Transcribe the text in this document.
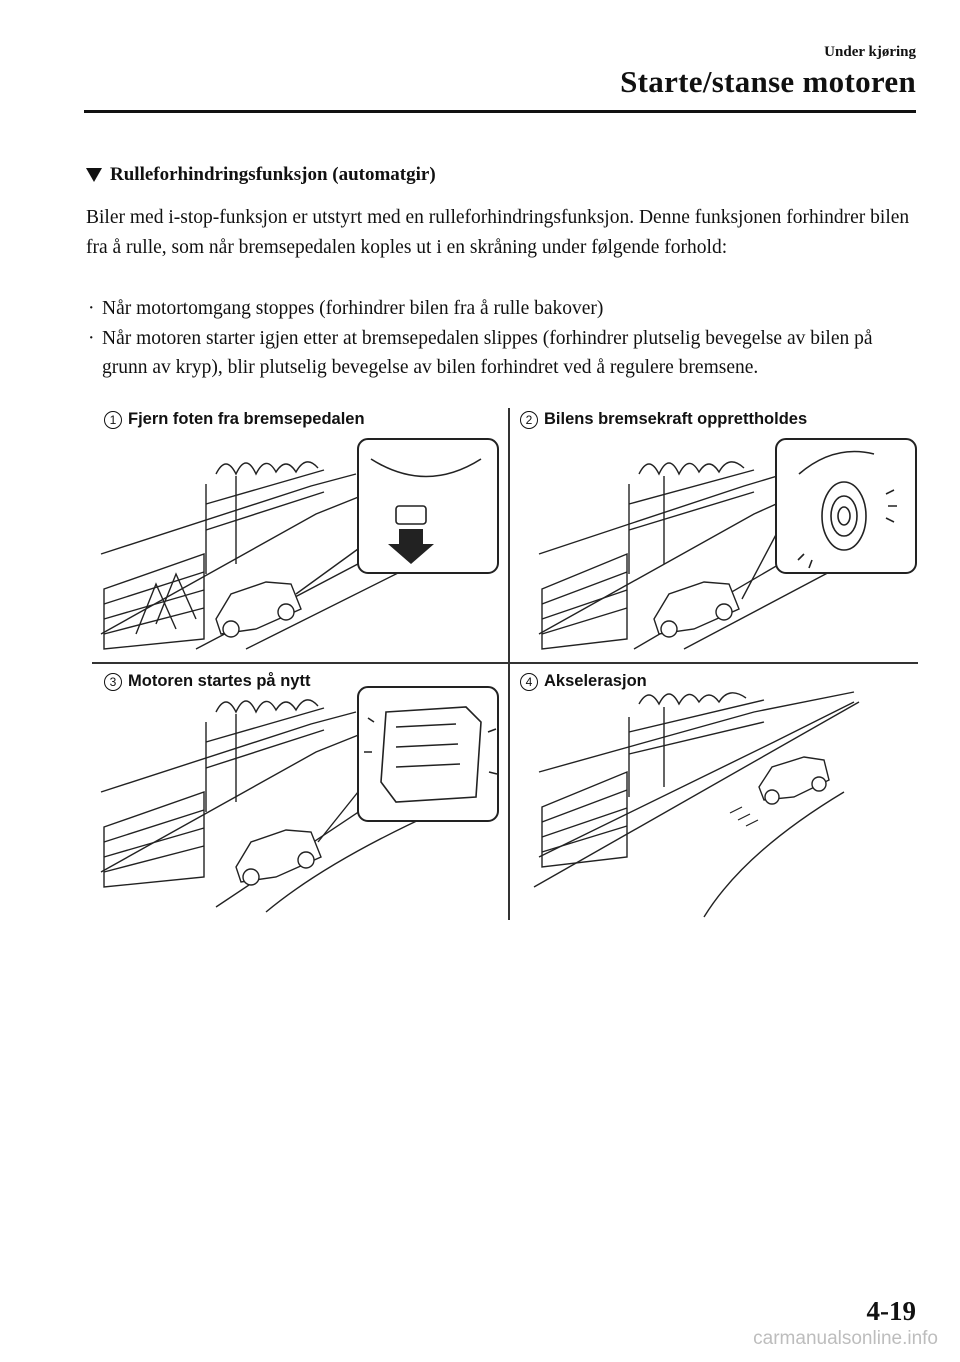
Under kjøring
Starte/stanse motoren
Rulleforhindringsfunksjon (automatgir)

Biler med i-stop-funksjon er utstyrt med en rulleforhindringsfunksjon. Denne funksjonen forhindrer bilen fra å rulle, som når bremsepedalen koples ut i en skråning under følgende forhold:

· Når motortomgang stoppes (forhindrer bilen fra å rulle bakover)
· Når motoren starter igjen etter at bremsepedalen slippes (forhindrer plutselig bevegelse av bilen på grunn av kryp), blir plutselig bevegelse av bilen forhindret ved å regulere bremsene.
1 Fjern foten fra bremsepedalen	2 Bilens bremsekraft opprettholdes
3 Motoren startes på nytt	4 Akselerasjon
4-19
carmanualsonline.info
